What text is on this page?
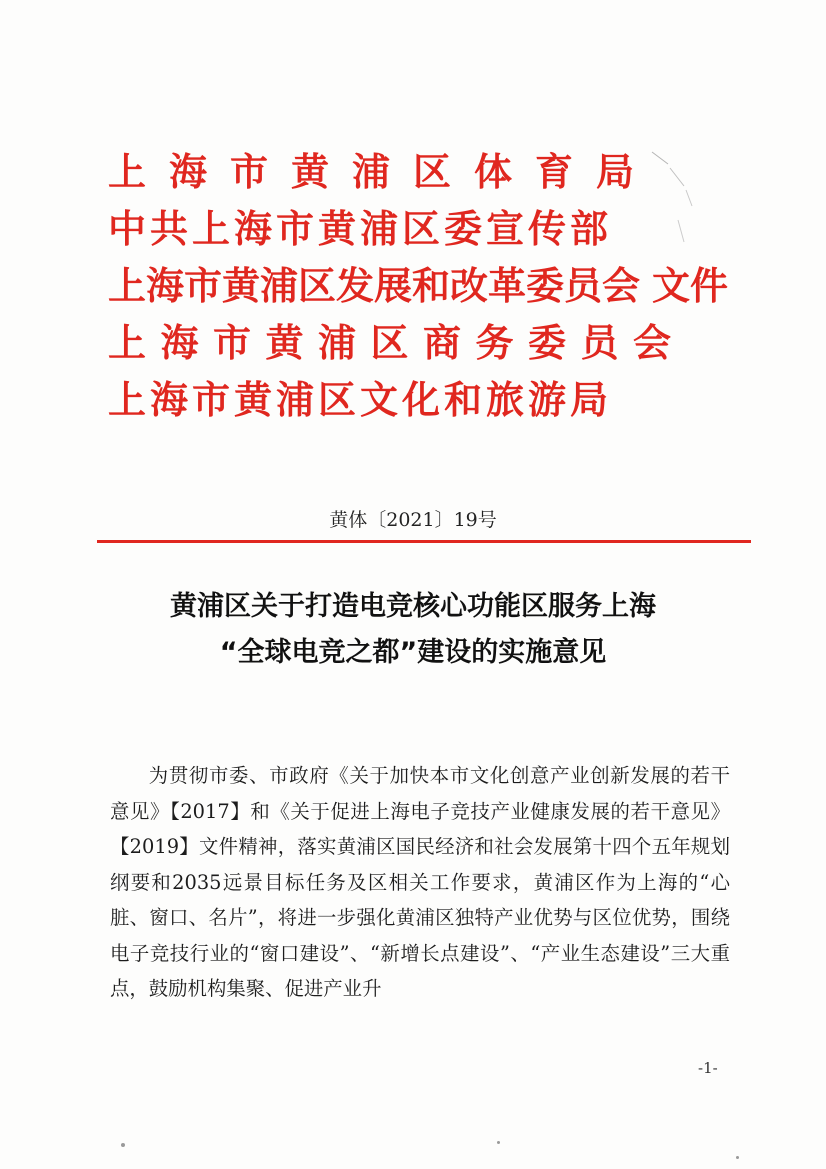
上海市黄浦区体育局
中共上海市黄浦区委宣传部
上海市黄浦区发展和改革委员会 文件
上海市黄浦区商务委员会
上海市黄浦区文化和旅游局
黄体〔2021〕19号
黄浦区关于打造电竞核心功能区服务上海
“全球电竞之都”建设的实施意见

为贯彻市委、市政府《关于加快本市文化创意产业创新发展的若干意见》【2017】和《关于促进上海电子竞技产业健康发展的若干意见》【2019】文件精神，落实黄浦区国民经济和社会发展第十四个五年规划纲要和2035远景目标任务及区相关工作要求，黄浦区作为上海的“心脏、窗口、名片”，将进一步强化黄浦区独特产业优势与区位优势，围绕电子竞技行业的“窗口建设”、“新增长点建设”、“产业生态建设”三大重点，鼓励机构集聚、促进产业升

-1-
